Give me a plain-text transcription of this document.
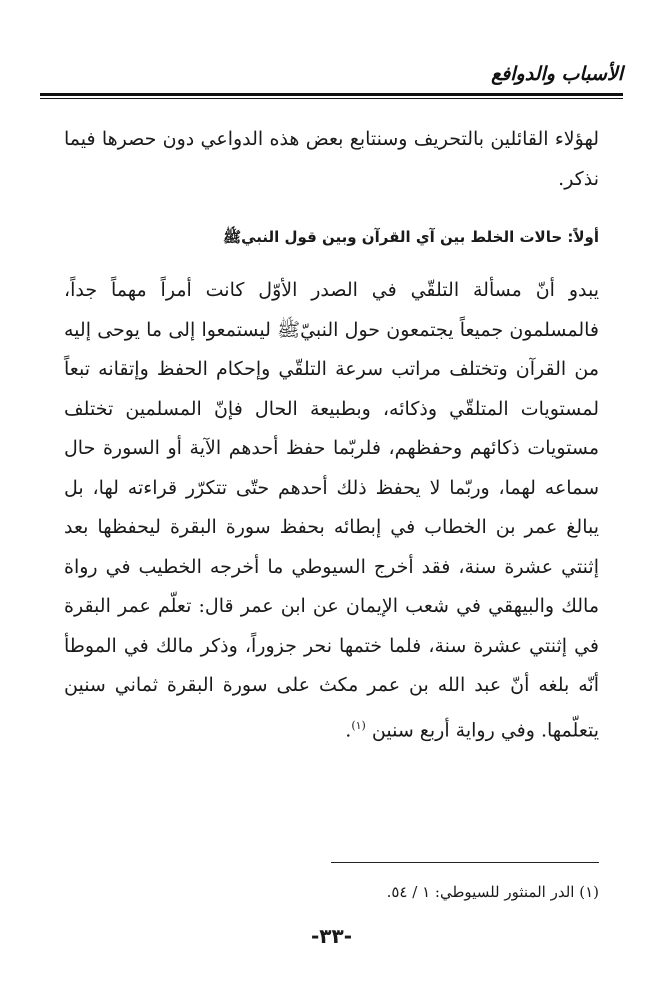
الأسباب والدوافع

لهؤلاء القائلين بالتحريف وسنتابع بعض هذه الدواعي دون حصرها فيما نذكر.

أولاً: حالات الخلط بين آي القرآن وبين قول النبيﷺ

يبدو أنّ مسألة التلقّي في الصدر الأوّل كانت أمراً مهماً جداً، فالمسلمون جميعاً يجتمعون حول النبيّﷺ ليستمعوا إلى ما يوحى إليه من القرآن وتختلف مراتب سرعة التلقّي وإحكام الحفظ وإتقانه تبعاً لمستويات المتلقّي وذكائه، وبطبيعة الحال فإنّ المسلمين تختلف مستويات ذكائهم وحفظهم، فلربّما حفظ أحدهم الآية أو السورة حال سماعه لهما، وربّما لا يحفظ ذلك أحدهم حتّى تتكرّر قراءته لها، بل يبالغ عمر بن الخطاب في إبطائه بحفظ سورة البقرة ليحفظها بعد إثنتي عشرة سنة، فقد أخرج السيوطي ما أخرجه الخطيب في رواة مالك والبيهقي في شعب الإيمان عن ابن عمر قال: تعلّم عمر البقرة في إثنتي عشرة سنة، فلما ختمها نحر جزوراً، وذكر مالك في الموطأ أنّه بلغه أنّ عبد الله بن عمر مكث على سورة البقرة ثماني سنين يتعلّمها. وفي رواية أربع سنين $^{(١)}$.

(١) الدر المنثور للسيوطي: ١ / ٥٤.
-٣٣-
